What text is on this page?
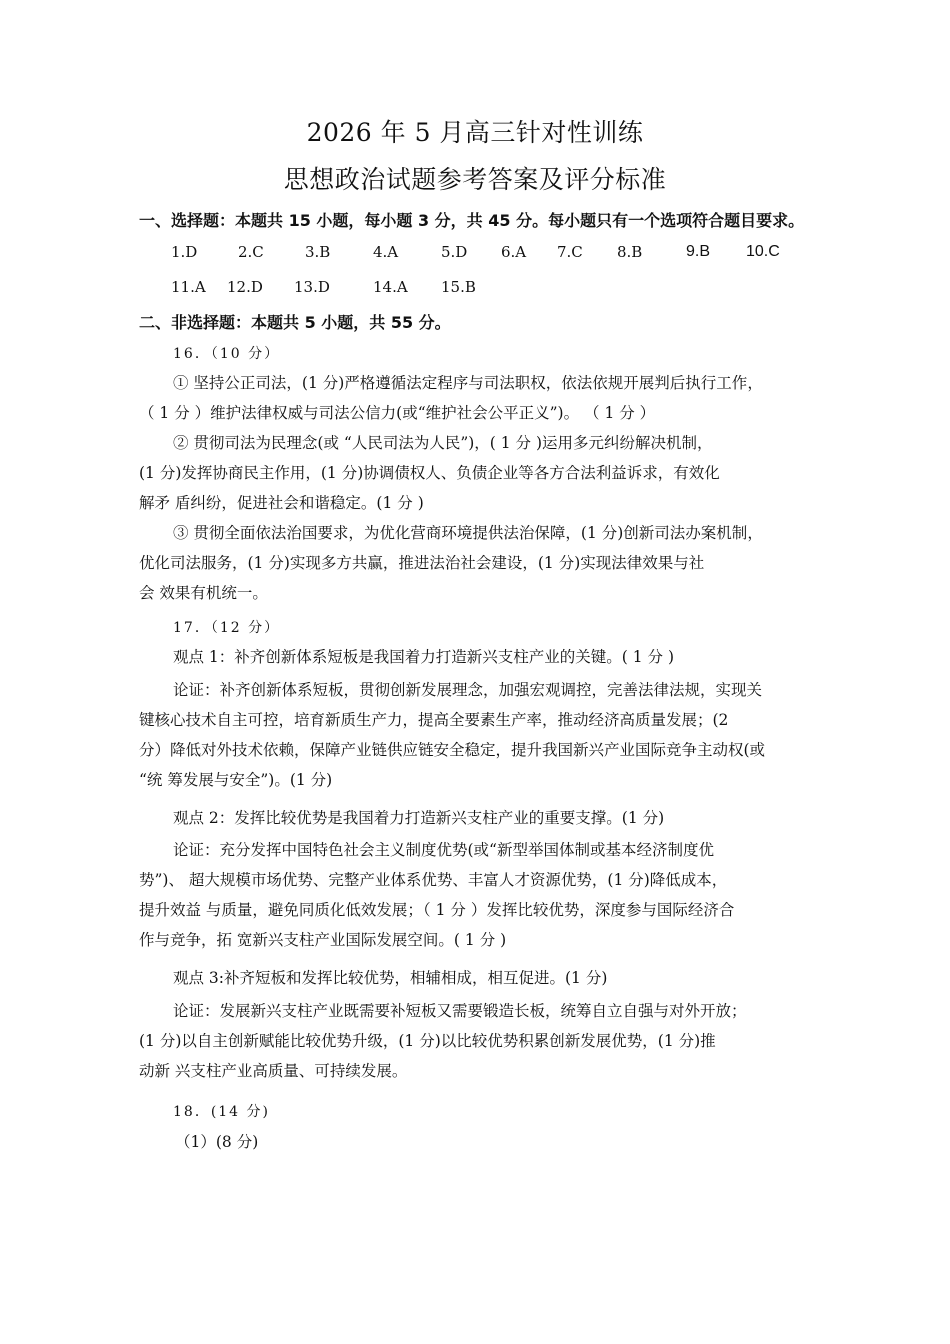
2026 年 5 月高三针对性训练
思想政治试题参考答案及评分标准
一、选择题：本题共 15 小题，每小题 3 分，共 45 分。每小题只有一个选项符合题目要求。
1.D	2.C	3.B	4.A	5.D 6.A 7.C 8.B	9.B 10.C
11.A 12.D 13.D	14.A 15.B
二、非选择题：本题共 5 小题，共 55 分。
16．（10 分）

① 坚持公正司法，(1 分)严格遵循法定程序与司法职权，依法依规开展判后执行工作，

（ 1 分 ）维护法律权威与司法公信力(或“维护社会公平正义”)。 （ 1 分 ）

② 贯彻司法为民理念(或 “人民司法为人民”)，( 1 分 )运用多元纠纷解决机制，

(1 分)发挥协商民主作用，(1 分)协调债权人、负债企业等各方合法利益诉求，有效化

解矛 盾纠纷，促进社会和谐稳定。(1 分 )

③ 贯彻全面依法治国要求，为优化营商环境提供法治保障，(1 分)创新司法办案机制，

优化司法服务，(1 分)实现多方共赢，推进法治社会建设，(1 分)实现法律效果与社

会 效果有机统一。

17．（12 分）
观点 1：补齐创新体系短板是我国着力打造新兴支柱产业的关键。( 1 分 )

论证：补齐创新体系短板，贯彻创新发展理念，加强宏观调控，完善法律法规，实现关

键核心技术自主可控，培育新质生产力，提高全要素生产率，推动经济高质量发展；(2

分）降低对外技术依赖，保障产业链供应链安全稳定，提升我国新兴产业国际竞争主动权(或

“统 筹发展与安全”)。(1 分)

观点 2：发挥比较优势是我国着力打造新兴支柱产业的重要支撑。(1 分)

论证：充分发挥中国特色社会主义制度优势(或“新型举国体制或基本经济制度优

势”)、 超大规模市场优势、完整产业体系优势、丰富人才资源优势，(1 分)降低成本，

提升效益 与质量，避免同质化低效发展；（ 1 分 ）发挥比较优势，深度参与国际经济合

作与竞争，拓 宽新兴支柱产业国际发展空间。( 1 分 )

观点 3:补齐短板和发挥比较优势，相辅相成，相互促进。(1 分)

论证：发展新兴支柱产业既需要补短板又需要锻造长板，统筹自立自强与对外开放；

(1 分)以自主创新赋能比较优势升级，(1 分)以比较优势积累创新发展优势，(1 分)推

动新 兴支柱产业高质量、可持续发展。

18．(14 分)
（1）(8 分)
